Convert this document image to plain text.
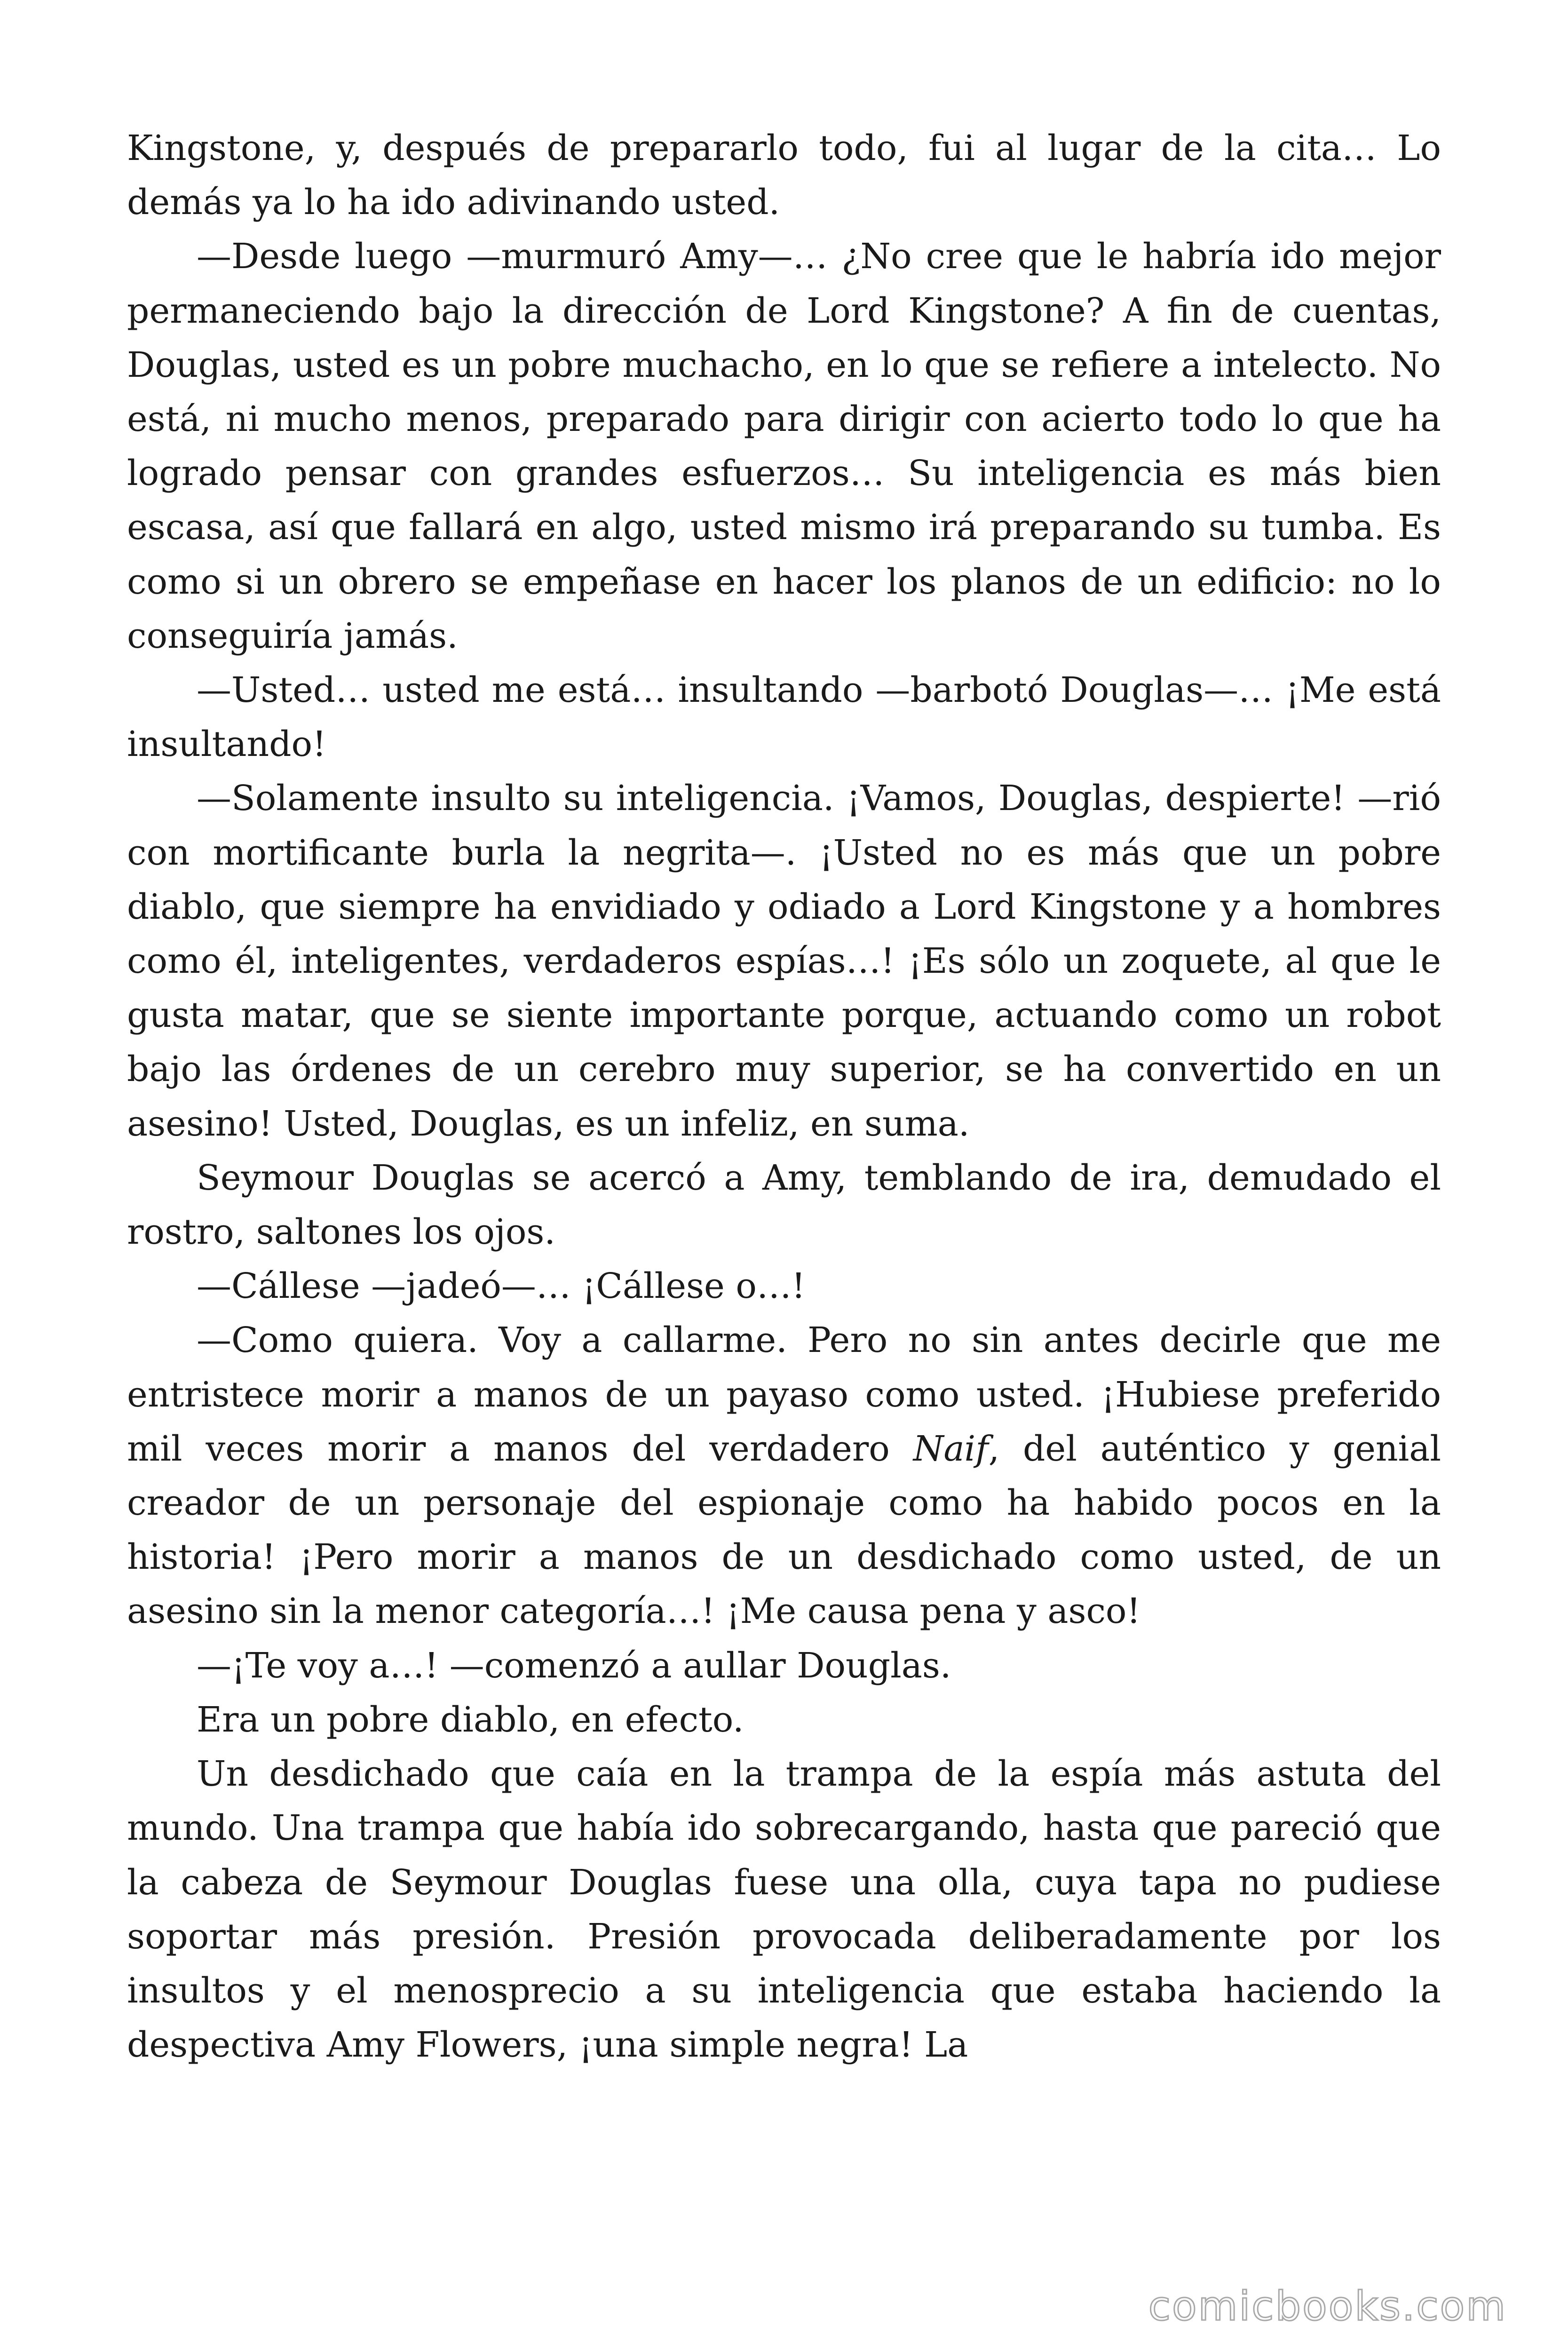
Kingstone, y, después de prepararlo todo, fui al lugar de la cita… Lo demás ya lo ha ido adivinando usted.

—Desde luego —murmuró Amy—… ¿No cree que le habría ido mejor permaneciendo bajo la dirección de Lord Kingstone? A fin de cuentas, Douglas, usted es un pobre muchacho, en lo que se refiere a intelecto. No está, ni mucho menos, preparado para dirigir con acierto todo lo que ha logrado pensar con grandes esfuerzos… Su inteligencia es más bien escasa, así que fallará en algo, usted mismo irá preparando su tumba. Es como si un obrero se empeñase en hacer los planos de un edificio: no lo conseguiría jamás.

—Usted… usted me está… insultando —barbotó Douglas—… ¡Me está insultando!

—Solamente insulto su inteligencia. ¡Vamos, Douglas, despierte! —rió con mortificante burla la negrita—. ¡Usted no es más que un pobre diablo, que siempre ha envidiado y odiado a Lord Kingstone y a hombres como él, inteligentes, verdaderos espías…! ¡Es sólo un zoquete, al que le gusta matar, que se siente importante porque, actuando como un robot bajo las órdenes de un cerebro muy superior, se ha convertido en un asesino! Usted, Douglas, es un infeliz, en suma.

Seymour Douglas se acercó a Amy, temblando de ira, demudado el rostro, saltones los ojos.

—Cállese —jadeó—… ¡Cállese o…!

—Como quiera. Voy a callarme. Pero no sin antes decirle que me entristece morir a manos de un payaso como usted. ¡Hubiese preferido mil veces morir a manos del verdadero Naif, del auténtico y genial creador de un personaje del espionaje como ha habido pocos en la historia! ¡Pero morir a manos de un desdichado como usted, de un asesino sin la menor categoría…! ¡Me causa pena y asco!

—¡Te voy a…! —comenzó a aullar Douglas.

Era un pobre diablo, en efecto.

Un desdichado que caía en la trampa de la espía más astuta del mundo. Una trampa que había ido sobrecargando, hasta que pareció que la cabeza de Seymour Douglas fuese una olla, cuya tapa no pudiese soportar más presión. Presión provocada deliberadamente por los insultos y el menosprecio a su inteligencia que estaba haciendo la despectiva Amy Flowers, ¡una simple negra! La

comicbooks.com
